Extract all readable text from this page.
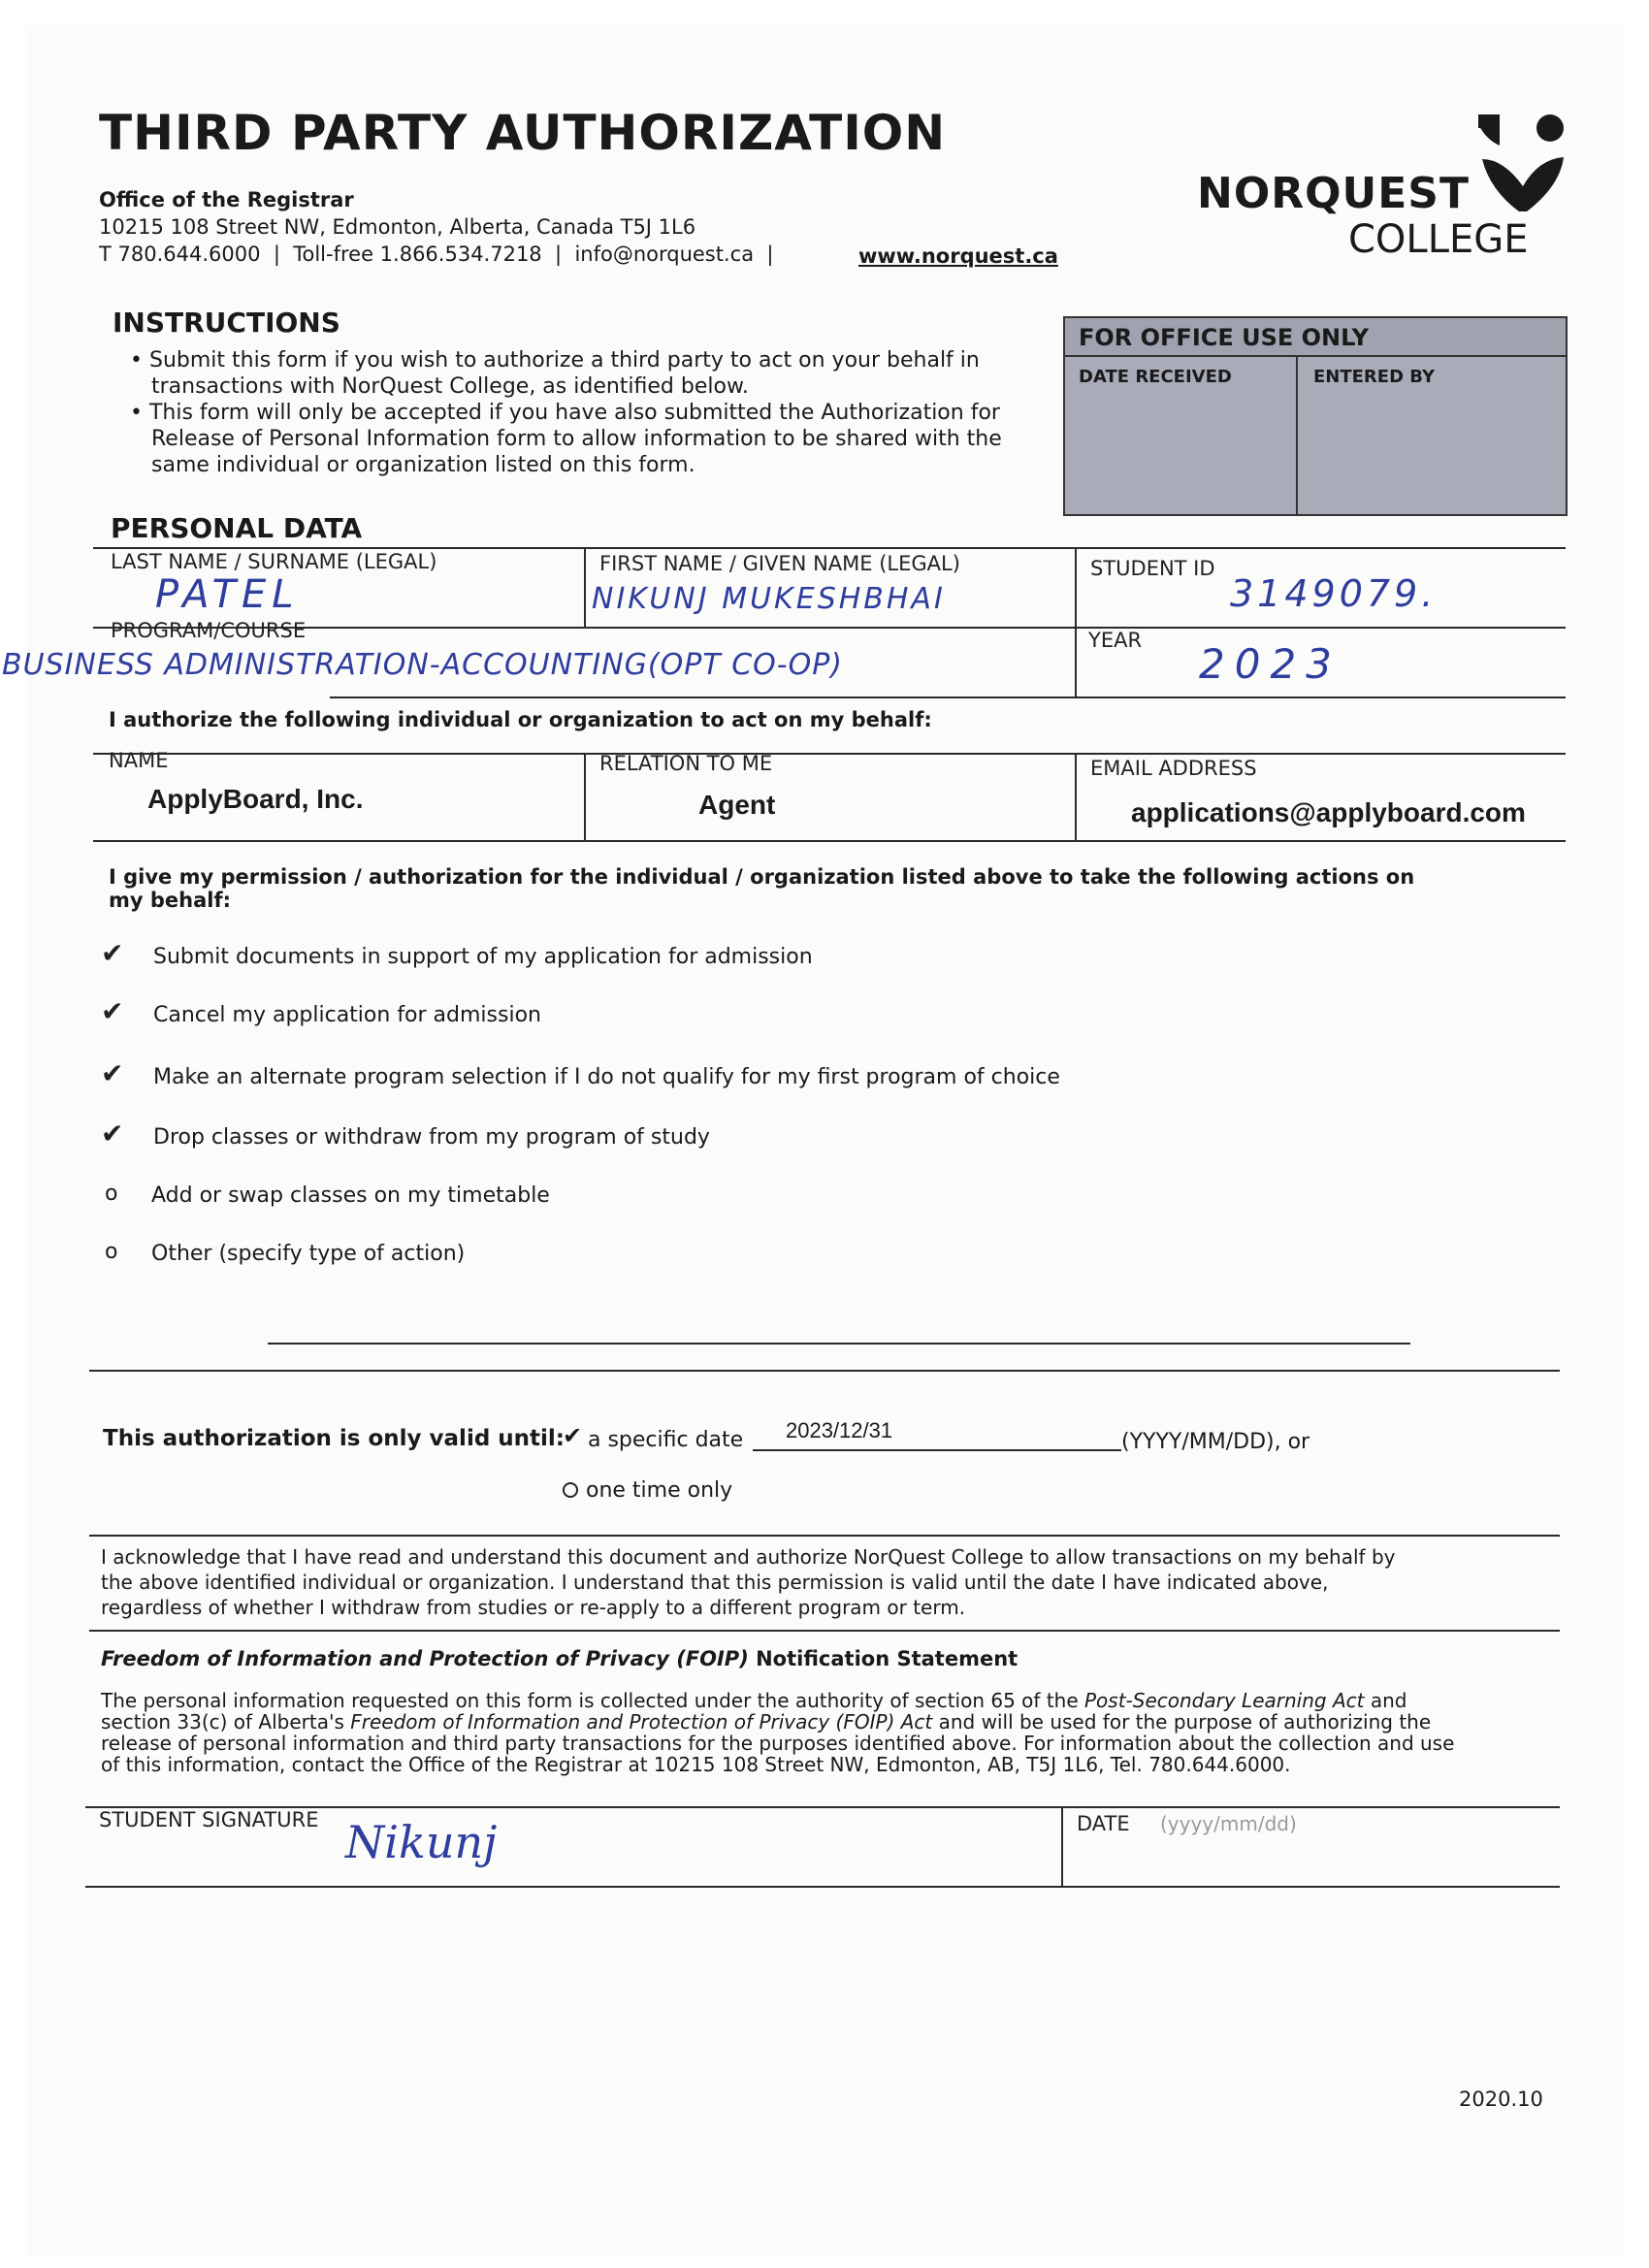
THIRD PARTY AUTHORIZATION
Office of the Registrar
10215 108 Street NW, Edmonton, Alberta, Canada T5J 1L6
T 780.644.6000  |  Toll-free 1.866.534.7218  |  info@norquest.ca  |	www.norquest.ca
NORQUEST
COLLEGE
INSTRUCTIONS
• Submit this form if you wish to authorize a third party to act on your behalf in
transactions with NorQuest College, as identified below.
• This form will only be accepted if you have also submitted the Authorization for
Release of Personal Information form to allow information to be shared with the
same individual or organization listed on this form.
FOR OFFICE USE ONLY
DATE RECEIVED	ENTERED BY
PERSONAL DATA
LAST NAME / SURNAME (LEGAL)
PATEL
FIRST NAME / GIVEN NAME (LEGAL)
NIKUNJ MUKESHBHAI
STUDENT ID
3149079.
PROGRAM/COURSE
BUSINESS ADMINISTRATION-ACCOUNTING(OPT CO-OP)
YEAR 2023
I authorize the following individual or organization to act on my behalf:
NAME
ApplyBoard, Inc.
RELATION TO ME
Agent
EMAIL ADDRESS
applications@applyboard.com
I give my permission / authorization for the individual / organization listed above to take the following actions on
my behalf:
✔ Submit documents in support of my application for admission
✔ Cancel my application for admission
✔ Make an alternate program selection if I do not qualify for my first program of choice
✔ Drop classes or withdraw from my program of study
o Add or swap classes on my timetable
o Other (specify type of action)
This authorization is only valid until:
✔ a specific date 2023/12/31	(YYYY/MM/DD), or
one time only
I acknowledge that I have read and understand this document and authorize NorQuest College to allow transactions on my behalf by
the above identified individual or organization. I understand that this permission is valid until the date I have indicated above,
regardless of whether I withdraw from studies or re-apply to a different program or term.
Freedom of Information and Protection of Privacy (FOIP) Notification Statement
The personal information requested on this form is collected under the authority of section 65 of the Post-Secondary Learning Act and
section 33(c) of Alberta's Freedom of Information and Protection of Privacy (FOIP) Act and will be used for the purpose of authorizing the
release of personal information and third party transactions for the purposes identified above. For information about the collection and use
of this information, contact the Office of the Registrar at 10215 108 Street NW, Edmonton, AB, T5J 1L6, Tel. 780.644.6000.
STUDENT SIGNATURE Nikunj	DATE (yyyy/mm/dd)
2020.10
